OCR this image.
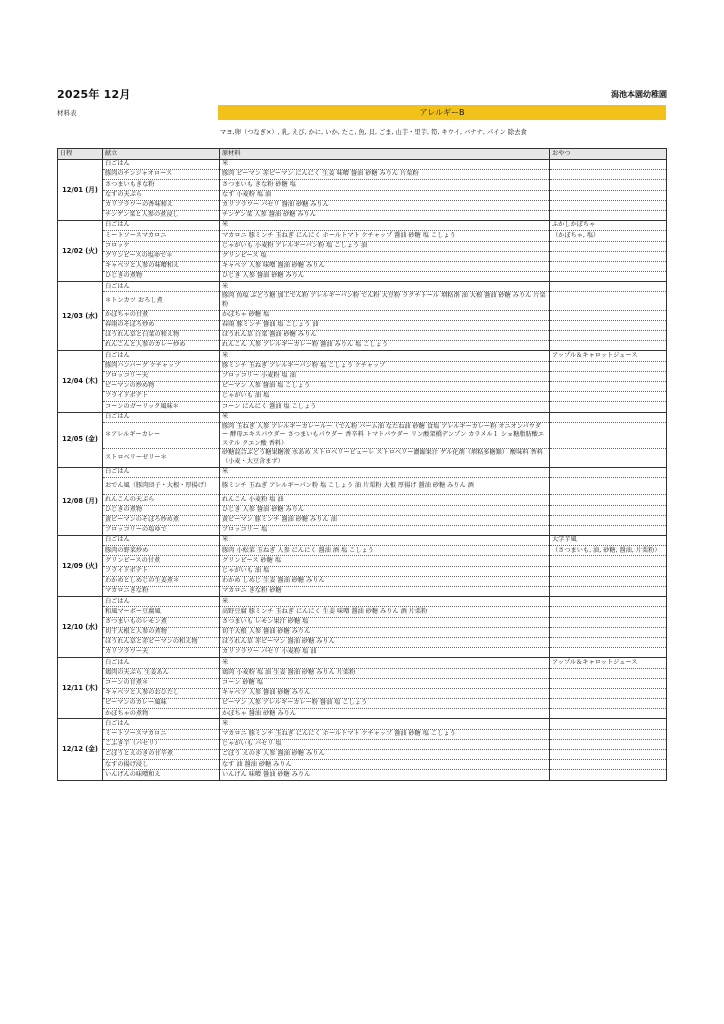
2025年 12月	潟池本園幼稚園
材料表	アレルギーB
マヨ,卵（つなぎ×）, 乳, えび, かに, いか, たこ, 魚, 貝, ごま, 山芋・里芋, 筍, キウイ, バナナ, パイン 除去食
日程	献立	原材料	おやつ
12/01 (月)	白ごはん	米	
	豚肉のチンジャオロース	豚肉 ピーマン 赤ピーマン にんにく 生姜 味噌 醤油 砂糖 みりん 片栗粉	
	さつまいもきな粉	さつまいも きな粉 砂糖 塩	
	なすの天ぷら	なす 小麦粉 塩 油	
	カリフラワーの香味和え	カリフラワー パセリ 醤油 砂糖 みりん	
	チンゲン菜と人参の煮浸し	チンゲン菜 人参 醤油 砂糖 みりん	
12/02 (火)	白ごはん	米	ふかしかぼちゃ
	ミートソースマカロニ	マカロニ 豚ミンチ 玉ねぎ にんにく ホールトマト ケチャップ 醤油 砂糖 塩 こしょう	（かぼちゃ, 塩）
	コロッケ	じゃがいも 小麦粉 アレルギーパン粉 塩 こしょう 油	
	グリンピースの塩ゆで＊	グリンピース 塩	
	キャベツと人参の味噌和え	キャベツ 人参 味噌 醤油 砂糖 みりん	
	ひじきの煮物	ひじき 人参 醤油 砂糖 みりん	
12/03 (水)	白ごはん	米	
	＊トンカツ おろし煮	豚肉 魚塩 ぶどう糖 加工でん粉 アレルギーパン粉 でん粉 大豆粉 ラクチトール 増粘剤 油 大根 醤油 砂糖 みりん 片栗粉	
	かぼちゃの甘煮	かぼちゃ 砂糖 塩	
	春雨のそぼろ炒め	春雨 豚ミンチ 醤油 塩 こしょう 油	
	ほうれん草と白菜の和え物	ほうれん草 白菜 醤油 砂糖 みりん	
	れんこんと人参のカレー炒め	れんこん 人参 アレルギーカレー粉 醤油 みりん 塩 こしょう	
12/04 (木)	白ごはん	米	アップル＆キャロットジュース
	豚肉ハンバーグ ケチャップ	豚ミンチ 玉ねぎ アレルギーパン粉 塩 こしょう ケチャップ	
	ブロッコリー天	ブロッコリー 小麦粉 塩 油	
	ピーマンの炒め物	ピーマン 人参 醤油 塩 こしょう	
	フライドポテト	じゃがいも 油 塩	
	コーンのガーリック風味＊	コーン にんにく 醤油 塩 こしょう	
12/05 (金)	白ごはん	米	
	＊アレルギーカレー	豚肉 玉ねぎ 人参 アレルギーカレールー（でん粉 パーム油 なたね油 砂糖 食塩 アレルギーカレー粉 オニオンパウダー 酵母エキスパウダー さつまいもパウダー 香辛料 トマトパウダー リン酸架橋デンプン カラメル１ ショ糖脂肪酸エステル クエン酸 香料）	
	ストロベリーゼリー＊	砂糖混合ぶどう糖果糖液 水あめ ストロベリーピューレ ストロベリー濃縮果汁 ゲル化剤（増粘多糖類） 酸味料 香料（小麦・大豆含まず）	
12/08 (月)	白ごはん	米	
	おでん風（豚肉団子・大根・厚揚げ）	豚ミンチ 玉ねぎ アレルギーパン粉 塩 こしょう 油 片栗粉 大根 厚揚げ 醤油 砂糖 みりん 酒	
	れんこんの天ぷら	れんこん 小麦粉 塩 油	
	ひじきの煮物	ひじき 人参 醤油 砂糖 みりん	
	黄ピーマンのそぼろ炒め煮	黄ピーマン 豚ミンチ 醤油 砂糖 みりん 油	
	ブロッコリーの塩ゆで	ブロッコリー 塩	
12/09 (火)	白ごはん	米	大学芋風
	豚肉の野菜炒め	豚肉 小松菜 玉ねぎ 人参 にんにく 醤油 酒 塩 こしょう	（さつまいも, 油, 砂糖, 醤油, 片栗粉）
	グリンピースの甘煮	グリンピース 砂糖 塩	
	フライドポテト	じゃがいも 油 塩	
	わかめとしめじの生姜煮＊	わかめ しめじ 生姜 醤油 砂糖 みりん	
	マカロニきな粉	マカロニ きな粉 砂糖	
12/10 (水)	白ごはん	米	
	和風マーボー豆腐風	高野豆腐 豚ミンチ 玉ねぎ にんにく 生姜 味噌 醤油 砂糖 みりん 酒 片栗粉	
	さつまいものレモン煮	さつまいも レモン果汁 砂糖 塩	
	切干大根と人参の煮物	切干大根 人参 醤油 砂糖 みりん	
	ほうれん草と赤ピーマンの和え物	ほうれん草 赤ピーマン 醤油 砂糖 みりん	
	カリフラワー天	カリフラワー パセリ 小麦粉 塩 油	
12/11 (木)	白ごはん	米	アップル＆キャロットジュース
	鶏肉の天ぷら 生姜あん	鶏肉 小麦粉 塩 油 生姜 醤油 砂糖 みりん 片栗粉	
	コーンの甘煮＊	コーン 砂糖 塩	
	キャベツと人参のおひたし	キャベツ 人参 醤油 砂糖 みりん	
	ピーマンのカレー風味	ピーマン 人参 アレルギーカレー粉 醤油 塩 こしょう	
	かぼちゃの煮物	かぼちゃ 醤油 砂糖 みりん	
12/12 (金)	白ごはん	米	
	ミートソースマカロニ	マカロニ 豚ミンチ 玉ねぎ にんにく ホールトマト ケチャップ 醤油 砂糖 塩 こしょう	
	こふき芋（パセリ）	じゃがいも パセリ 塩	
	ごぼうとえのきの甘辛煮	ごぼう えのき 人参 醤油 砂糖 みりん	
	なすの揚げ浸し	なす 油 醤油 砂糖 みりん	
	いんげんの味噌和え	いんげん 味噌 醤油 砂糖 みりん	
